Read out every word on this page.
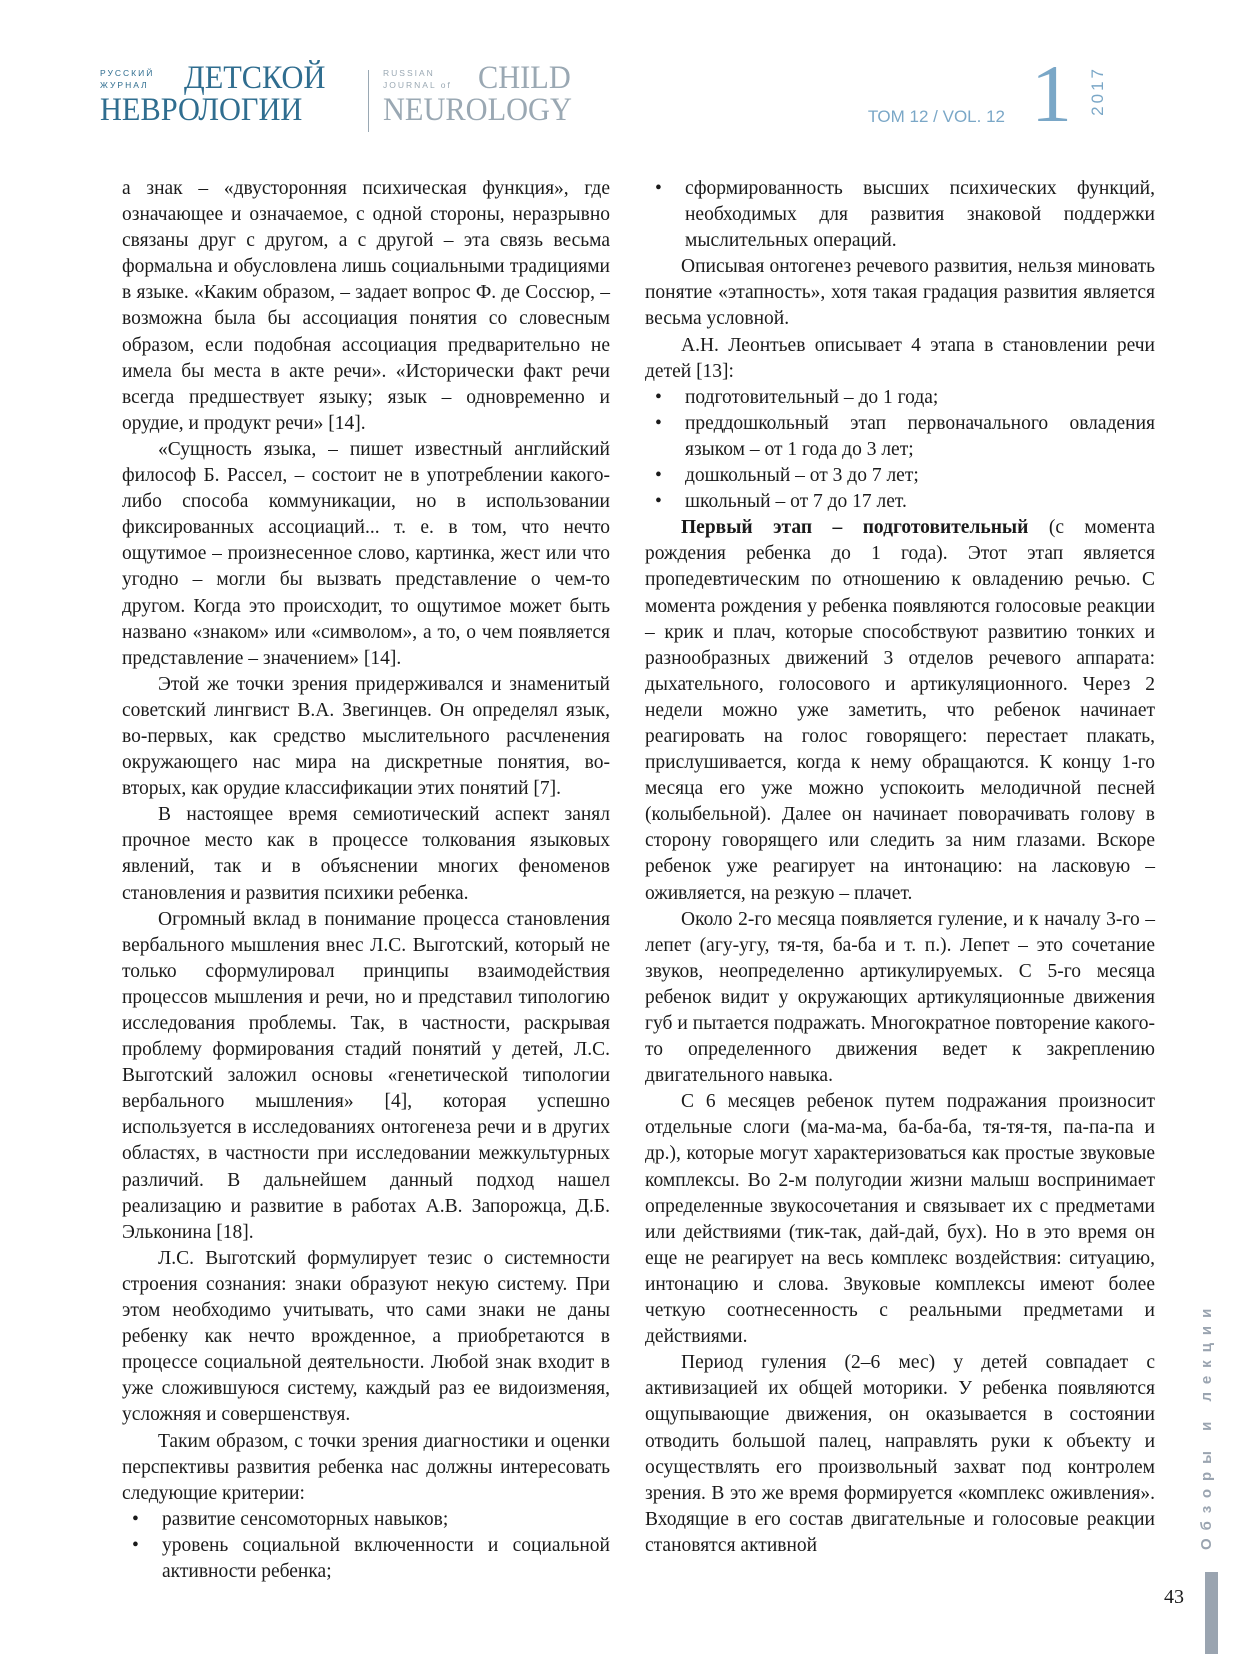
РУССКИЙ
ЖУРНАЛ ДЕТСКОЙ
НЕВРОЛОГИИ
RUSSIAN
JOURNAL of CHILD
NEUROLOGY	ТОМ 12 / VOL. 12 1 2017

а знак – «двусторонняя психическая функция», где означающее и означаемое, с одной стороны, неразрывно связаны друг с другом, а с другой – эта связь весьма формальна и обусловлена лишь социальными традициями в языке. «Каким образом, – задает вопрос Ф. де Соссюр, – возможна была бы ассоциация понятия со словесным образом, если подобная ассоциация предварительно не имела бы места в акте речи». «Исторически факт речи всегда предшествует языку; язык – одновременно и орудие, и продукт речи» [14].

«Сущность языка, – пишет известный английский философ Б. Рассел, – состоит не в употреблении какого-либо способа коммуникации, но в использовании фиксированных ассоциаций... т. е. в том, что нечто ощутимое – произнесенное слово, картинка, жест или что угодно – могли бы вызвать представление о чем-то другом. Когда это происходит, то ощутимое может быть названо «знаком» или «символом», а то, о чем появляется представление – значением» [14].

Этой же точки зрения придерживался и знаменитый советский лингвист В.А. Звегинцев. Он определял язык, во-первых, как средство мыслительного расчленения окружающего нас мира на дискретные понятия, во-вторых, как орудие классификации этих понятий [7].

В настоящее время семиотический аспект занял прочное место как в процессе толкования языковых явлений, так и в объяснении многих феноменов становления и развития психики ребенка.

Огромный вклад в понимание процесса становления вербального мышления внес Л.С. Выготский, который не только сформулировал принципы взаимодействия процессов мышления и речи, но и представил типологию исследования проблемы. Так, в частности, раскрывая проблему формирования стадий понятий у детей, Л.С. Выготский заложил основы «генетической типологии вербального мышления» [4], которая успешно используется в исследованиях онтогенеза речи и в других областях, в частности при исследовании межкультурных различий. В дальнейшем данный подход нашел реализацию и развитие в работах А.В. Запорожца, Д.Б. Эльконина [18].

Л.С. Выготский формулирует тезис о системности строения сознания: знаки образуют некую систему. При этом необходимо учитывать, что сами знаки не даны ребенку как нечто врожденное, а приобретаются в процессе социальной деятельности. Любой знак входит в уже сложившуюся систему, каждый раз ее видоизменяя, усложняя и совершенствуя.

Таким образом, с точки зрения диагностики и оценки перспективы развития ребенка нас должны интересовать следующие критерии:

• развитие сенсомоторных навыков;
• уровень социальной включенности и социальной активности ребенка;
• сформированность высших психических функций, необходимых для развития знаковой поддержки мыслительных операций.

Описывая онтогенез речевого развития, нельзя миновать понятие «этапность», хотя такая градация развития является весьма условной.

А.Н. Леонтьев описывает 4 этапа в становлении речи детей [13]:

• подготовительный – до 1 года;
• преддошкольный этап первоначального овладения языком – от 1 года до 3 лет;
• дошкольный – от 3 до 7 лет;
• школьный – от 7 до 17 лет.

Первый этап – подготовительный (с момента рождения ребенка до 1 года). Этот этап является пропедевтическим по отношению к овладению речью. С момента рождения у ребенка появляются голосовые реакции – крик и плач, которые способствуют развитию тонких и разнообразных движений 3 отделов речевого аппарата: дыхательного, голосового и артикуляционного. Через 2 недели можно уже заметить, что ребенок начинает реагировать на голос говорящего: перестает плакать, прислушивается, когда к нему обращаются. К концу 1-го месяца его уже можно успокоить мелодичной песней (колыбельной). Далее он начинает поворачивать голову в сторону говорящего или следить за ним глазами. Вскоре ребенок уже реагирует на интонацию: на ласковую – оживляется, на резкую – плачет.

Около 2-го месяца появляется гуление, и к началу 3-го – лепет (агу-угу, тя-тя, ба-ба и т. п.). Лепет – это сочетание звуков, неопределенно артикулируемых. С 5-го месяца ребенок видит у окружающих артикуляционные движения губ и пытается подражать. Многократное повторение какого-то определенного движения ведет к закреплению двигательного навыка.

С 6 месяцев ребенок путем подражания произносит отдельные слоги (ма-ма-ма, ба-ба-ба, тя-тя-тя, па-па-па и др.), которые могут характеризоваться как простые звуковые комплексы. Во 2-м полугодии жизни малыш воспринимает определенные звукосочетания и связывает их с предметами или действиями (тик-так, дай-дай, бух). Но в это время он еще не реагирует на весь комплекс воздействия: ситуацию, интонацию и слова. Звуковые комплексы имеют более четкую соотнесенность с реальными предметами и действиями.

Период гуления (2–6 мес) у детей совпадает с активизацией их общей моторики. У ребенка появляются ощупывающие движения, он оказывается в состоянии отводить большой палец, направлять руки к объекту и осуществлять его произвольный захват под контролем зрения. В это же время формируется «комплекс оживления». Входящие в его состав двигательные и голосовые реакции становятся активной	Обзоры и лекции
43
